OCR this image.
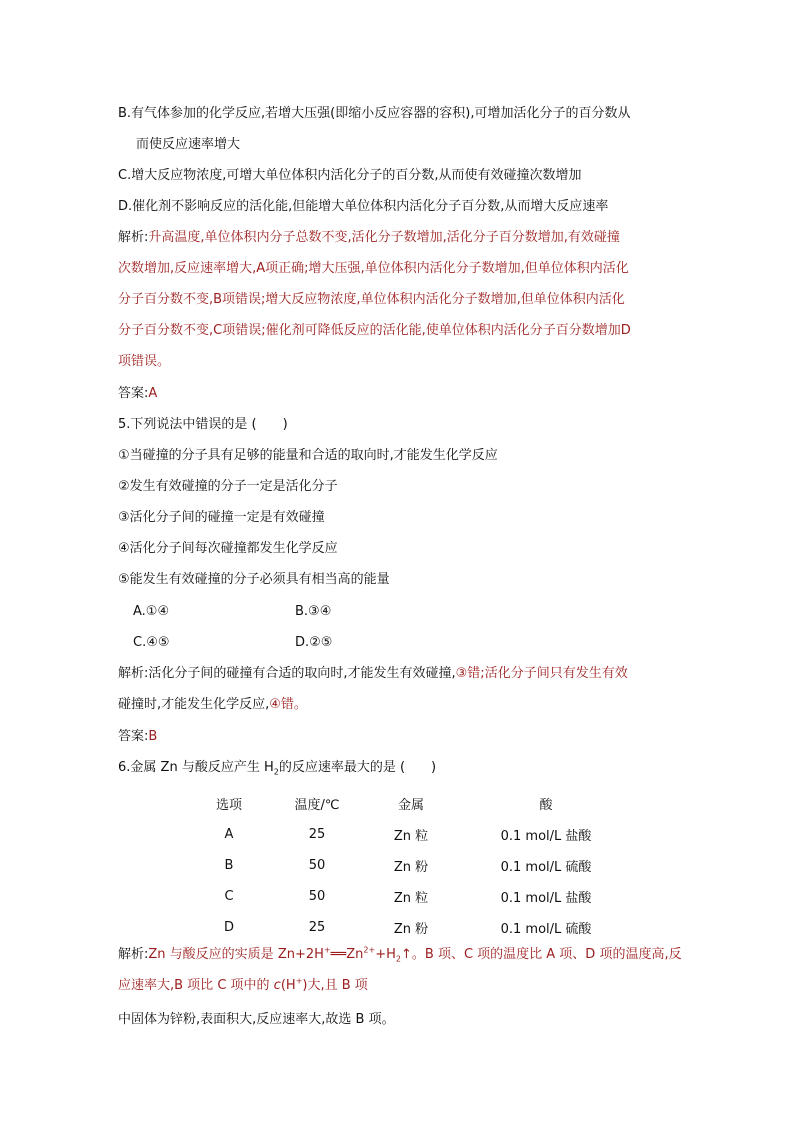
B.有气体参加的化学反应,若增大压强(即缩小反应容器的容积),可增加活化分子的百分数从
而使反应速率增大
C.增大反应物浓度,可增大单位体积内活化分子的百分数,从而使有效碰撞次数增加
D.催化剂不影响反应的活化能,但能增大单位体积内活化分子百分数,从而增大反应速率
解析:升高温度,单位体积内分子总数不变,活化分子数增加,活化分子百分数增加,有效碰撞
次数增加,反应速率增大,A项正确;增大压强,单位体积内活化分子数增加,但单位体积内活化
分子百分数不变,B项错误;增大反应物浓度,单位体积内活化分子数增加,但单位体积内活化
分子百分数不变,C项错误;催化剂可降低反应的活化能,使单位体积内活化分子百分数增加D
项错误。
答案:A
5.下列说法中错误的是 (　　)
①当碰撞的分子具有足够的能量和合适的取向时,才能发生化学反应
②发生有效碰撞的分子一定是活化分子
③活化分子间的碰撞一定是有效碰撞
④活化分子间每次碰撞都发生化学反应
⑤能发生有效碰撞的分子必须具有相当高的能量
A.①④	B.③④
C.④⑤	D.②⑤
解析:活化分子间的碰撞有合适的取向时,才能发生有效碰撞,③错;活化分子间只有发生有效
碰撞时,才能发生化学反应,④错。
答案:B
6.金属 Zn 与酸反应产生 $H_2$的反应速率最大的是 (　　)
选项	温度/℃	金属	酸
A	25	Zn 粒	0.1 mol/L 盐酸
B	50	Zn 粉	0.1 mol/L 硫酸
C	50	Zn 粒	0.1 mol/L 盐酸
D	25	Zn 粉	0.1 mol/L 硫酸
解析:Zn 与酸反应的实质是 $Zn+2H^+══Zn^{2+}+H_2↑$。B 项、C 项的温度比 A 项、D 项的温度高,反
应速率大,B 项比 C 项中的 c(H+)大,且 B 项
中固体为锌粉,表面积大,反应速率大,故选 B 项。
